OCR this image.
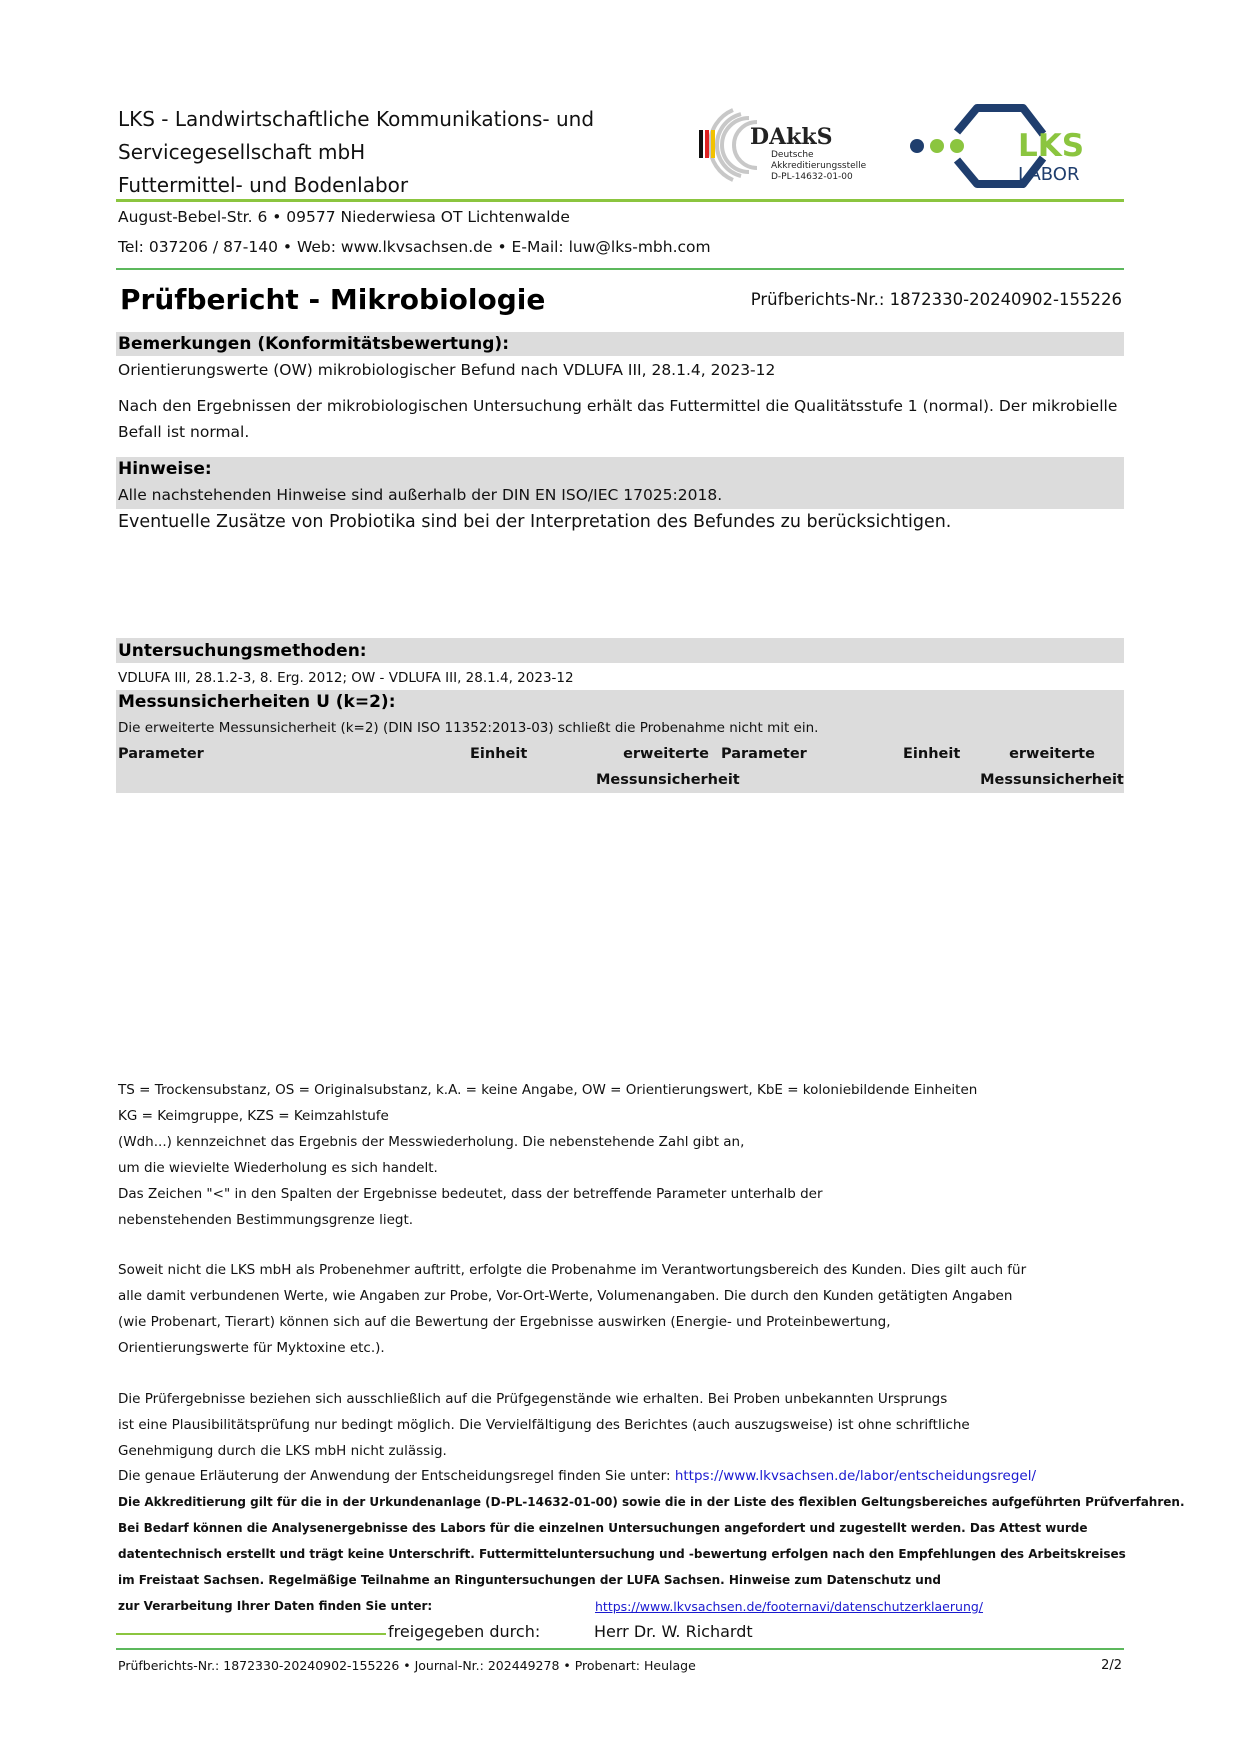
LKS - Landwirtschaftliche Kommunikations- und
Servicegesellschaft mbH
Futtermittel- und Bodenlabor
DAkkS
Deutsche
Akkreditierungsstelle
D-PL-14632-01-00
LKS
LABOR
August-Bebel-Str. 6 • 09577 Niederwiesa OT Lichtenwalde
Tel: 037206 / 87-140 • Web: www.lkvsachsen.de • E-Mail: luw@lks-mbh.com
Prüfbericht - Mikrobiologie	Prüfberichts-Nr.: 1872330-20240902-155226
Bemerkungen (Konformitätsbewertung):
Orientierungswerte (OW) mikrobiologischer Befund nach VDLUFA III, 28.1.4, 2023-12
Nach den Ergebnissen der mikrobiologischen Untersuchung erhält das Futtermittel die Qualitätsstufe 1 (normal). Der mikrobielle
Befall ist normal.
Hinweise:
Alle nachstehenden Hinweise sind außerhalb der DIN EN ISO/IEC 17025:2018.
Eventuelle Zusätze von Probiotika sind bei der Interpretation des Befundes zu berücksichtigen.
Untersuchungsmethoden:
VDLUFA III, 28.1.2-3, 8. Erg. 2012; OW - VDLUFA III, 28.1.4, 2023-12
Messunsicherheiten U (k=2):
Die erweiterte Messunsicherheit (k=2) (DIN ISO 11352:2013-03) schließt die Probenahme nicht mit ein.
Parameter	Einheit	erweiterte
Messunsicherheit
Parameter	Einheit	erweiterte
Messunsicherheit
TS = Trockensubstanz, OS = Originalsubstanz, k.A. = keine Angabe, OW = Orientierungswert, KbE = koloniebildende Einheiten
KG = Keimgruppe, KZS = Keimzahlstufe
(Wdh...) kennzeichnet das Ergebnis der Messwiederholung. Die nebenstehende Zahl gibt an,
um die wievielte Wiederholung es sich handelt.
Das Zeichen "<" in den Spalten der Ergebnisse bedeutet, dass der betreffende Parameter unterhalb der
nebenstehenden Bestimmungsgrenze liegt.
Soweit nicht die LKS mbH als Probenehmer auftritt, erfolgte die Probenahme im Verantwortungsbereich des Kunden. Dies gilt auch für
alle damit verbundenen Werte, wie Angaben zur Probe, Vor-Ort-Werte, Volumenangaben. Die durch den Kunden getätigten Angaben
(wie Probenart, Tierart) können sich auf die Bewertung der Ergebnisse auswirken (Energie- und Proteinbewertung,
Orientierungswerte für Myktoxine etc.).
Die Prüfergebnisse beziehen sich ausschließlich auf die Prüfgegenstände wie erhalten. Bei Proben unbekannten Ursprungs
ist eine Plausibilitätsprüfung nur bedingt möglich. Die Vervielfältigung des Berichtes (auch auszugsweise) ist ohne schriftliche
Genehmigung durch die LKS mbH nicht zulässig.
Die genaue Erläuterung der Anwendung der Entscheidungsregel finden Sie unter: https://www.lkvsachsen.de/labor/entscheidungsregel/
Die Akkreditierung gilt für die in der Urkundenanlage (D-PL-14632-01-00) sowie die in der Liste des flexiblen Geltungsbereiches aufgeführten Prüfverfahren.
Bei Bedarf können die Analysenergebnisse des Labors für die einzelnen Untersuchungen angefordert und zugestellt werden. Das Attest wurde
datentechnisch erstellt und trägt keine Unterschrift. Futtermitteluntersuchung und -bewertung erfolgen nach den Empfehlungen des Arbeitskreises
im Freistaat Sachsen. Regelmäßige Teilnahme an Ringuntersuchungen der LUFA Sachsen. Hinweise zum Datenschutz und
zur Verarbeitung Ihrer Daten finden Sie unter:	https://www.lkvsachsen.de/footernavi/datenschutzerklaerung/
freigegeben durch:	Herr Dr. W. Richardt
Prüfberichts-Nr.: 1872330-20240902-155226 • Journal-Nr.: 202449278 • Probenart: Heulage	2/2
